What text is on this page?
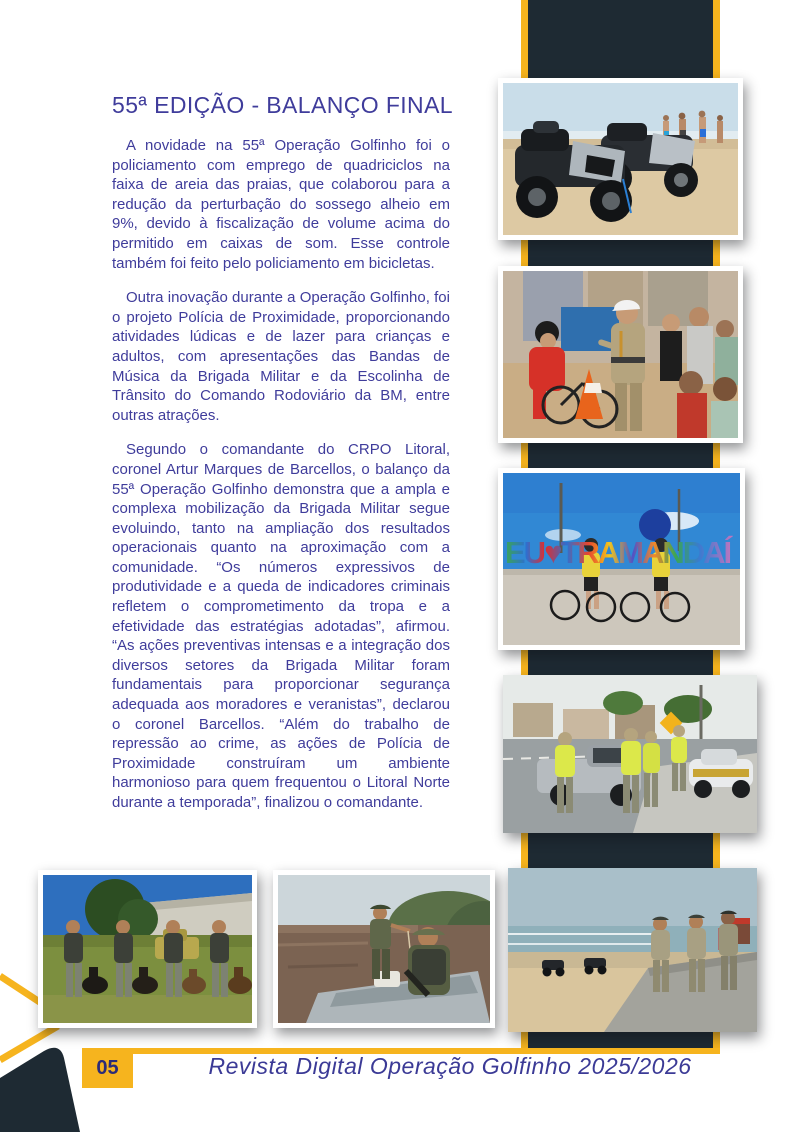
55ª EDIÇÃO - BALANÇO FINAL

A novidade na 55ª Operação Golfinho foi o policiamento com emprego de quadriciclos na faixa de areia das praias, que colaborou para a redução da perturbação do sossego alheio em 9%, devido à fiscalização de volume acima do permitido em caixas de som. Esse controle também foi feito pelo policiamento em bicicletas.

Outra inovação durante a Operação Golfinho, foi o projeto Polícia de Proximidade, proporcionando atividades lúdicas e de lazer para crianças e adultos, com apresentações das Bandas de Música da Brigada Militar e da Escolinha de Trânsito do Comando Rodoviário da BM, entre outras atrações.

Segundo o comandante do CRPO Litoral, coronel Artur Marques de Barcellos, o balanço da 55ª Operação Golfinho demonstra que a ampla e complexa mobilização da Brigada Militar segue evoluindo, tanto na ampliação dos resultados operacionais quanto na aproximação com a comunidade. “Os números expressivos de produtividade e a queda de indicadores criminais refletem o comprometimento da tropa e a efetividade das estratégias adotadas”, afirmou. “As ações preventivas intensas e a integração dos diversos setores da Brigada Militar foram fundamentais para proporcionar segurança adequada aos moradores e veranistas”, declarou o coronel Barcellos. “Além do trabalho de repressão ao crime, as ações de Polícia de Proximidade construíram um ambiente harmonioso para quem frequentou o Litoral Norte durante a temporada”, finalizou o comandante.

EU♥TRAMANDAÍ
05	Revista Digital Operação Golfinho 2025/2026
